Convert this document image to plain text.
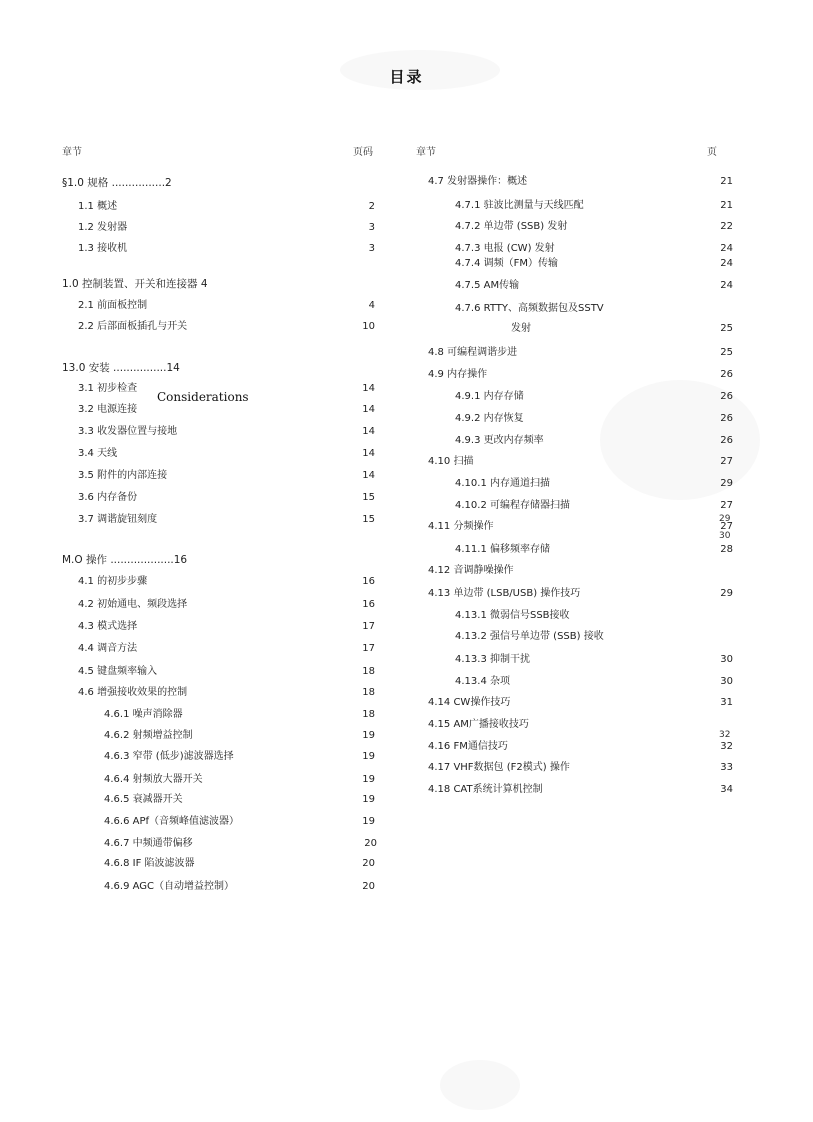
目录
章节	页码
§1.0 规格 ................2
1.1 概述	2
1.2 发射器	3
1.3 接收机	3
1.0 控制装置、开关和连接器 4
2.1 前面板控制	4
2.2 后部面板插孔与开关	10
13.0 安装 ................14
3.1 初步检查	14
3.2 电源连接	14
3.3 收发器位置与接地	14
3.4 天线	14
3.5 附件的内部连接	14
3.6 内存备份	15
3.7 调谐旋钮刻度	15
M.O 操作 ...................16
4.1 的初步步骤	16
4.2 初始通电、频段选择	16
4.3 模式选择	17
4.4 调音方法	17
4.5 键盘频率输入	18
4.6 增强接收效果的控制	18
4.6.1 噪声消除器	18
4.6.2 射频增益控制	19
4.6.3 窄带 (低步)滤波器选择	19
4.6.4 射频放大器开关	19
4.6.5 衰减器开关	19
4.6.6 APf（音频峰值滤波器）	19
4.6.7 中频通带偏移	20
4.6.8 IF 陷波滤波器	20
4.6.9 AGC（自动增益控制）	20
Considerations
章节	页
4.7 发射器操作：概述	21
4.7.1 驻波比测量与天线匹配	21
4.7.2 单边带 (SSB) 发射	22
4.7.3 电报 (CW) 发射	24
4.7.4 调频（FM）传输	24
4.7.5 AM传输	24
4.7.6 RTTY、高频数据包及SSTV
发射	25
4.8 可编程调谐步进	25
4.9 内存操作	26
4.9.1 内存存储	26
4.9.2 内存恢复	26
4.9.3 更改内存频率	26
4.10 扫描	27
4.10.1 内存通道扫描	29
4.10.2 可编程存储器扫描	27
4.11 分频操作	27
4.11.1 偏移频率存储	28
4.12 音调静噪操作
4.13 单边带 (LSB/USB) 操作技巧	29
4.13.1 微弱信号SSB接收
4.13.2 强信号单边带 (SSB) 接收
4.13.3 抑制干扰	30
4.13.4 杂项	30
4.14 CW操作技巧	31
4.15 AM广播接收技巧
4.16 FM通信技巧	32
4.17 VHF数据包 (F2模式) 操作	33
4.18 CAT系统计算机控制	34
29
30
32
